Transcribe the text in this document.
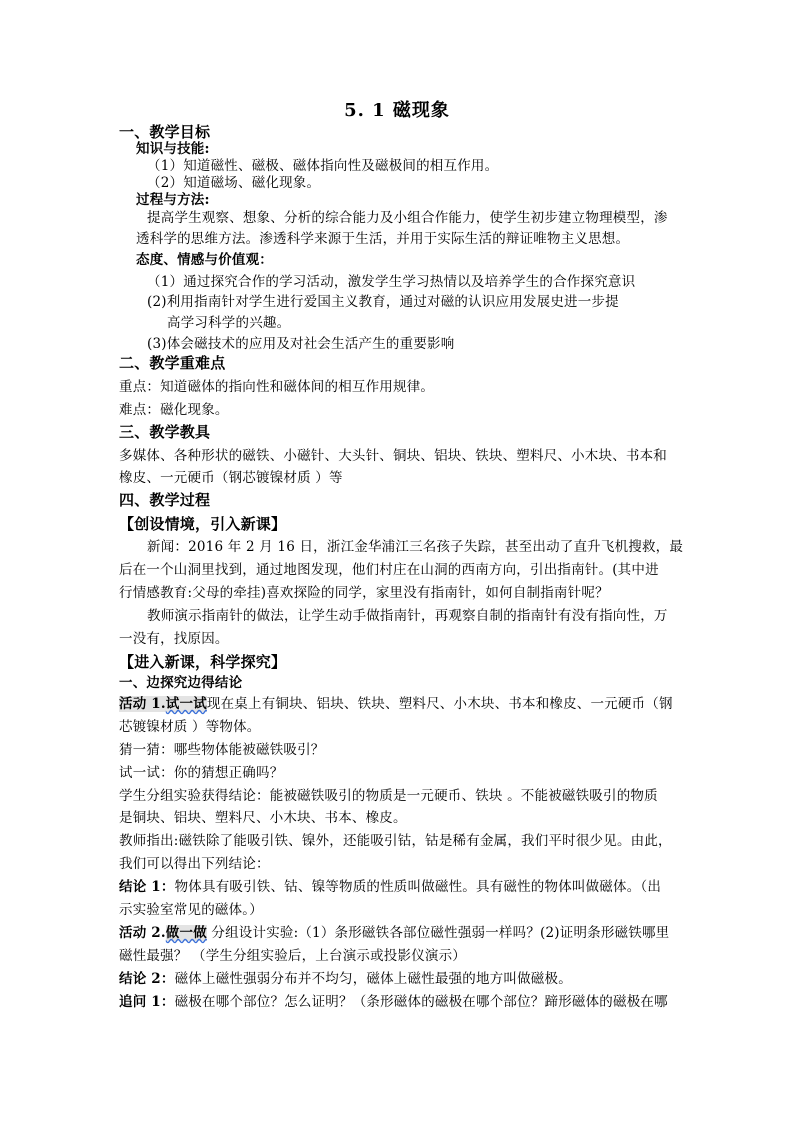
5. 1 磁现象
一、教学目标
知识与技能:
（1）知道磁性、磁极、磁体指向性及磁极间的相互作用。
（2）知道磁场、磁化现象。
过程与方法:
提高学生观察、想象、分析的综合能力及小组合作能力，使学生初步建立物理模型，渗
透科学的思维方法。渗透科学来源于生活，并用于实际生活的辩证唯物主义思想。
态度、情感与价值观：
（1）通过探究合作的学习活动，激发学生学习热情以及培养学生的合作探究意识
(2)利用指南针对学生进行爱国主义教育，通过对磁的认识应用发展史进一步提
高学习科学的兴趣。
(3)体会磁技术的应用及对社会生活产生的重要影响
二、教学重难点
重点：知道磁体的指向性和磁体间的相互作用规律。
难点：磁化现象。
三、教学教具
多媒体、各种形状的磁铁、小磁针、大头针、铜块、铝块、铁块、塑料尺、小木块、书本和
橡皮、一元硬币（钢芯镀镍材质 ）等
四、教学过程
【创设情境，引入新课】
新闻：2016 年 2 月 16 日，浙江金华浦江三名孩子失踪，甚至出动了直升飞机搜救，最
后在一个山洞里找到，通过地图发现，他们村庄在山洞的西南方向，引出指南针。(其中进
行情感教育:父母的牵挂)喜欢探险的同学，家里没有指南针，如何自制指南针呢？
教师演示指南针的做法，让学生动手做指南针，再观察自制的指南针有没有指向性，万
一没有，找原因。
【进入新课，科学探究】
一、边探究边得结论
活动 1.试一试现在桌上有铜块、铝块、铁块、塑料尺、小木块、书本和橡皮、一元硬币（钢
芯镀镍材质 ）等物体。
猜一猜：哪些物体能被磁铁吸引？
试一试：你的猜想正确吗？
学生分组实验获得结论：能被磁铁吸引的物质是一元硬币、铁块 。不能被磁铁吸引的物质
是铜块、铝块、塑料尺、小木块、书本、橡皮。
教师指出:磁铁除了能吸引铁、镍外，还能吸引钴，钴是稀有金属，我们平时很少见。由此，
我们可以得出下列结论：
结论 1：物体具有吸引铁、钴、镍等物质的性质叫做磁性。具有磁性的物体叫做磁体。（出
示实验室常见的磁体。）
活动 2.做一做 分组设计实验:（1）条形磁铁各部位磁性强弱一样吗？(2)证明条形磁铁哪里
磁性最强？ （学生分组实验后，上台演示或投影仪演示）
结论 2：磁体上磁性强弱分布并不均匀，磁体上磁性最强的地方叫做磁极。
追问 1：磁极在哪个部位？怎么证明？（条形磁体的磁极在哪个部位？蹄形磁体的磁极在哪
